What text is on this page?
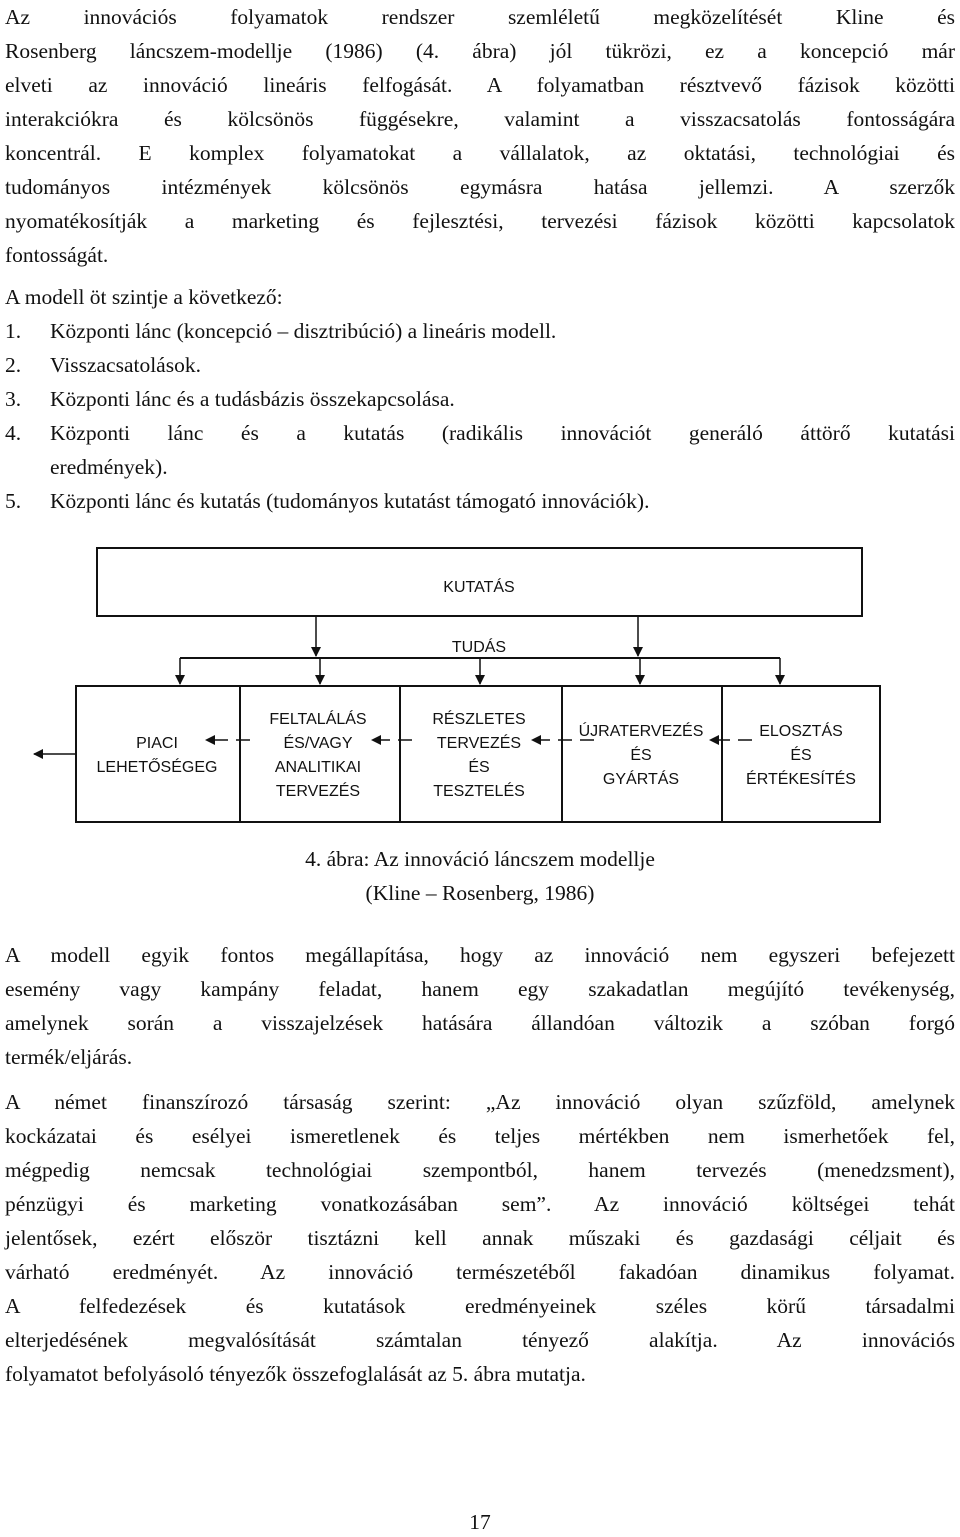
Az innovációs folyamatok rendszer szemléletű megközelítését Kline és
Rosenberg láncszem-modellje (1986) (4. ábra) jól tükrözi, ez a koncepció már
elveti az innováció lineáris felfogását. A folyamatban résztvevő fázisok közötti
interakciókra és kölcsönös függésekre, valamint a visszacsatolás fontosságára
koncentrál. E komplex folyamatokat a vállalatok, az oktatási, technológiai és
tudományos intézmények kölcsönös egymásra hatása jellemzi. A szerzők
nyomatékosítják a marketing és fejlesztési, tervezési fázisok közötti kapcsolatok
fontosságát.
A modell öt szintje a következő:
1. Központi lánc (koncepció – disztribúció) a lineáris modell.
2. Visszacsatolások.
3. Központi lánc és a tudásbázis összekapcsolása.
4.	Központi lánc és a kutatás (radikális innovációt generáló áttörő kutatási
eredmények).
5. Központi lánc és kutatás (tudományos kutatást támogató innovációk).
KUTATÁS
TUDÁS
PIACI
LEHETŐSÉGEG
FELTALÁLÁS
ÉS/VAGY
ANALITIKAI
TERVEZÉS
RÉSZLETES
TERVEZÉS
ÉS
TESZTELÉS
ÚJRATERVEZÉS
ÉS
GYÁRTÁS
ELOSZTÁS
ÉS
ÉRTÉKESÍTÉS
4. ábra: Az innováció láncszem modellje
(Kline – Rosenberg, 1986)
A modell egyik fontos megállapítása, hogy az innováció nem egyszeri befejezett
esemény vagy kampány feladat, hanem egy szakadatlan megújító tevékenység,
amelynek során a visszajelzések hatására állandóan változik a szóban forgó
termék/eljárás.
A német finanszírozó társaság szerint: „Az innováció olyan szűzföld, amelynek
kockázatai és esélyei ismeretlenek és teljes mértékben nem ismerhetőek fel,
mégpedig nemcsak technológiai szempontból, hanem tervezés (menedzsment),
pénzügyi és marketing vonatkozásában sem”. Az innováció költségei tehát
jelentősek, ezért először tisztázni kell annak műszaki és gazdasági céljait és
várható eredményét. Az innováció természetéből fakadóan dinamikus folyamat.
A felfedezések és kutatások eredményeinek széles körű társadalmi
elterjedésének megvalósítását számtalan tényező alakítja. Az innovációs
folyamatot befolyásoló tényezők összefoglalását az 5. ábra mutatja.
17
